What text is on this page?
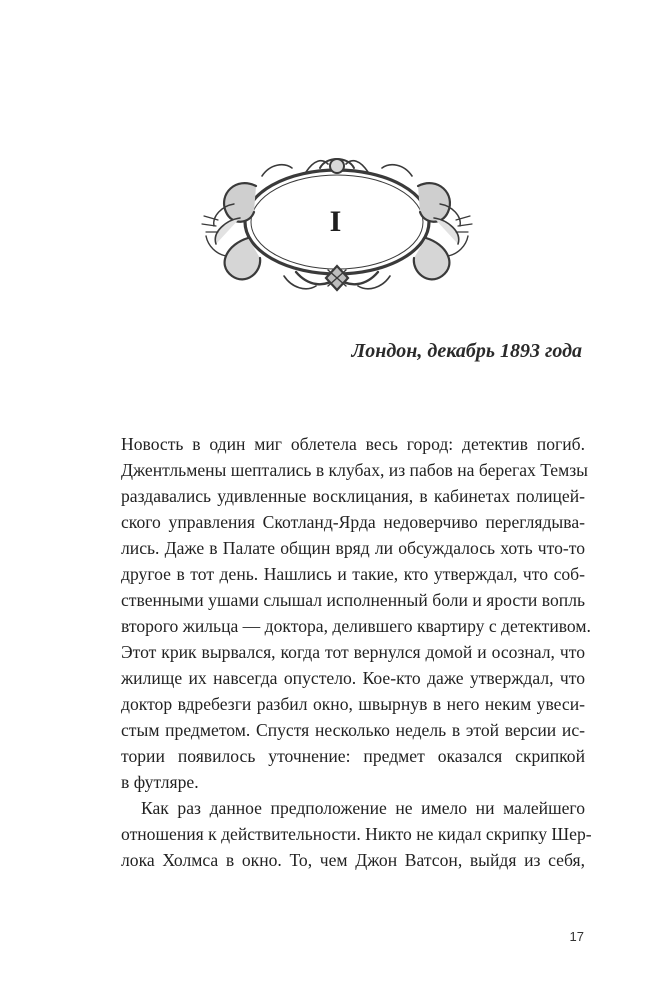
I
Лондон, декабрь 1893 года
Новость в один миг облетела весь город: детектив погиб.
Джентльмены шептались в клубах, из пабов на берегах Темзы
раздавались удивленные восклицания, в кабинетах полицей-
ского управления Скотланд-Ярда недоверчиво переглядыва-
лись. Даже в Палате общин вряд ли обсуждалось хоть что-то
другое в тот день. Нашлись и такие, кто утверждал, что соб-
ственными ушами слышал исполненный боли и ярости вопль
второго жильца — доктора, делившего квартиру с детективом.
Этот крик вырвался, когда тот вернулся домой и осознал, что
жилище их навсегда опустело. Кое-кто даже утверждал, что
доктор вдребезги разбил окно, швырнув в него неким увеси-
стым предметом. Спустя несколько недель в этой версии ис-
тории появилось уточнение: предмет оказался скрипкой
в футляре.
Как раз данное предположение не имело ни малейшего
отношения к действительности. Никто не кидал скрипку Шер-
лока Холмса в окно. То, чем Джон Ватсон, выйдя из себя,
17
